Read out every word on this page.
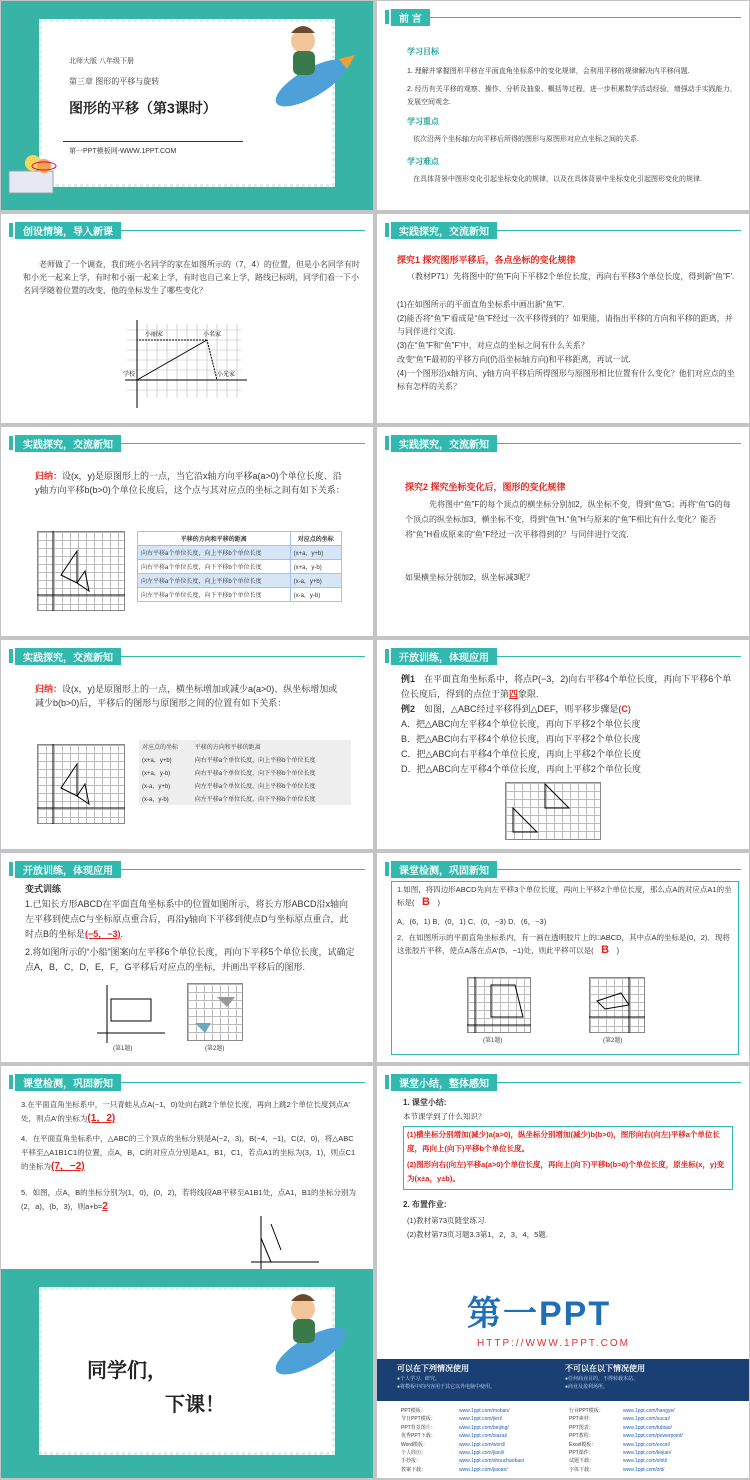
北师大版 八年级下册
第三章 图形的平移与旋转
图形的平移（第3课时）
第一PPT模板网-WWW.1PPT.COM
前 言
学习目标
1. 理解并掌握图形平移在平面直角坐标系中的变化规律，会利用平移的规律解决内平移问题.
2. 经历有关平移的观察、操作、分析及抽象、概括等过程，进一步积累数学活动经验，增强动手实践能力，发展空间观念.
学习重点
依次沿两个坐标轴方向平移后所得的图形与原图形对应点坐标之间的关系.
学习难点
在具体背景中图形变化引起坐标变化的规律，以及在具体背景中坐标变化引起图形变化的规律.
创设情境，导入新课
老师做了一个调查，我们班小名同学的家在如图所示的（7，4）的位置，但是小名同学有时和小光一起来上学，有时和小丽一起来上学，有时也自己来上学，路线已标明，同学们看一下小名同学随着位置的改变，他的坐标发生了哪些变化？
小丽家	小名家
学校	小光家
实践探究，交流新知
探究1 探究图形平移后，各点坐标的变化规律
（教材P71）先将图中的“鱼”F向下平移2个单位长度，再向右平移3个单位长度，得到新“鱼”F′.
(1)在如图所示的平面直角坐标系中画出新“鱼”F′.
(2)能否将“鱼”F′看成是“鱼”F经过一次平移得到的？如果能，请指出平移的方向和平移的距离，并与同伴进行交流.
(3)在“鱼”F和“鱼”F′中，对应点的坐标之间有什么关系？
改变“鱼”F最初的平移方向(仍沿坐标轴方向)和平移距离，再试一试.
(4)一个图形沿x轴方向、y轴方向平移后所得图形与原图形相比位置有什么变化？他们对应点的坐标有怎样的关系？
实践探究，交流新知
归纳：设(x，y)是原图形上的一点，当它沿x轴方向平移a(a>0)个单位长度、沿y轴方向平移b(b>0)个单位长度后，这个点与其对应点的坐标之间有如下关系：
平移的方向和平移的距离	对应点的坐标
向右平移a个单位长度，向上平移b个单位长度	(x+a，y+b)
向右平移a个单位长度，向下平移b个单位长度	(x+a，y-b)
向左平移a个单位长度，向上平移b个单位长度	(x-a，y+b)
向左平移a个单位长度，向下平移b个单位长度	(x-a，y-b)
实践探究，交流新知
探究2 探究坐标变化后，图形的变化规律
先将图中“鱼”F的每个顶点的横坐标分别加2，纵坐标不变，得到“鱼”G；再将“鱼”G的每个顶点的纵坐标加3，横坐标不变，得到“鱼”H.“鱼”H与原来的“鱼”F相比有什么变化？能否将“鱼”H看成原来的“鱼”F经过一次平移得到的？与同伴进行交流.
如果横坐标分别加2，纵坐标减3呢？
实践探究，交流新知
归纳：设(x，y)是原图形上的一点，横坐标增加或减少a(a>0)、纵坐标增加或减少b(b>0)后，平移后的图形与原图形之间的位置有如下关系：
对应点的坐标	平移的方向和平移的距离
(x+a，y+b)	向右平移a个单位长度，向上平移b个单位长度
(x+a，y-b)	向右平移a个单位长度，向下平移b个单位长度
(x-a，y+b)	向左平移a个单位长度，向上平移b个单位长度
(x-a，y-b)	向左平移a个单位长度，向下平移b个单位长度
开放训练，体现应用
例1　 在平面直角坐标系中，将点P(−3，2)向右平移4个单位长度，再向下平移6个单位长度后，得到的点位于第四象限.
例2　 如图，△ABC经过平移得到△DEF，则平移步骤是(C)
A．把△ABC向左平移4个单位长度，再向下平移2个单位长度
B．把△ABC向右平移4个单位长度，再向下平移2个单位长度
C．把△ABC向右平移4个单位长度，再向上平移2个单位长度
D．把△ABC向左平移4个单位长度，再向上平移2个单位长度
开放训练，体现应用
变式训练
1.已知长方形ABCD在平面直角坐标系中的位置如图所示，将长方形ABCD沿x轴向左平移到使点C与坐标原点重合后，再沿y轴向下平移到使点D与坐标原点重合，此时点B的坐标是(−5，−3).
2.将如图所示的“小船”图案向左平移6个单位长度，再向下平移5个单位长度，试确定点A，B，C，D，E，F，G平移后对应点的坐标，并画出平移后的图形.
(第1题)	(第2题)
课堂检测，巩固新知
1.如图，将四边形ABCD先向左平移3个单位长度，再向上平移2个单位长度，那么点A的对应点A1的坐标是(　 B　 )
A．(6，1) B．(0，1) C．(0，−3) D．(6，−3)
2．在如图所示的平面直角坐标系内，有一画在透明胶片上的□ABCD，其中点A的坐标是(0，2)．现将这张胶片平移，使点A落在点A′(5，−1)处，则此平移可以是(　 B　 )
(第1题)	(第2题)
课堂检测，巩固新知
3.在平面直角坐标系中，一只青蛙从点A(−1，0)处向右跳2个单位长度，再向上跳2个单位长度到点A′处，则点A′的坐标为(1，2)
4．在平面直角坐标系中，△ABC的三个顶点的坐标分别是A(−2，3)，B(−4，−1)，C(2，0)，将△ABC平移至△A1B1C1的位置，点A，B，C的对应点分别是A1，B1，C1，若点A1的坐标为(3，1)，则点C1的坐标为(7，−2)
5．如图，点A，B的坐标分别为(1，0)，(0，2)，若将线段AB平移至A1B1处，点A1，B1的坐标分别为(2，a)，(b，3)，则a+b=2
课堂小结，整体感知
1. 课堂小结:
本节课学到了什么知识？
(1)横坐标分别增加(减少)a(a>0)，纵坐标分别增加(减少)b(b>0)，图形向右(向左)平移a个单位长度，再向上(向下)平移b个单位长度。
(2)图形向右(向左)平移a(a>0)个单位长度，再向上(向下)平移b(b>0)个单位长度，原坐标(x，y)变为(x±a，y±b)。
2. 布置作业:
(1)教材第73页随堂练习.
(2)教材第73页习题3.3第1，2，3，4，5题.
同学们，
下课！
第一PPT
HTTP://WWW.1PPT.COM
可以在下列情况使用
●个人学习、研究。
●将模板中的内容用于其它以外电脑中使用。
不可以在以下情况使用
●任何商业目的，不得转载本站。
●商业及盈利场所。
PPT模板：	www.1ppt.com/moban/
节日PPT模板：	www.1ppt.com/jieri/
PPT背景图片：	www.1ppt.com/beijing/
优秀PPT下载：	www.1ppt.com/xiazai/
Word模板：	www.1ppt.com/word/
个人简历：	www.1ppt.com/jianli/
手抄报：	www.1ppt.com/shouchaobao/
教案下载：	www.1ppt.com/jiaoan/
行业PPT模板：	www.1ppt.com/hangye/
PPT素材：	www.1ppt.com/sucai/
PPT图表：	www.1ppt.com/tubiao/
PPT教程：	www.1ppt.com/powerpoint/
Excel模板：	www.1ppt.com/excel/
PPT课件：	www.1ppt.com/kejian/
试题下载：	www.1ppt.com/shiti/
字体下载：	www.1ppt.com/ziti/
